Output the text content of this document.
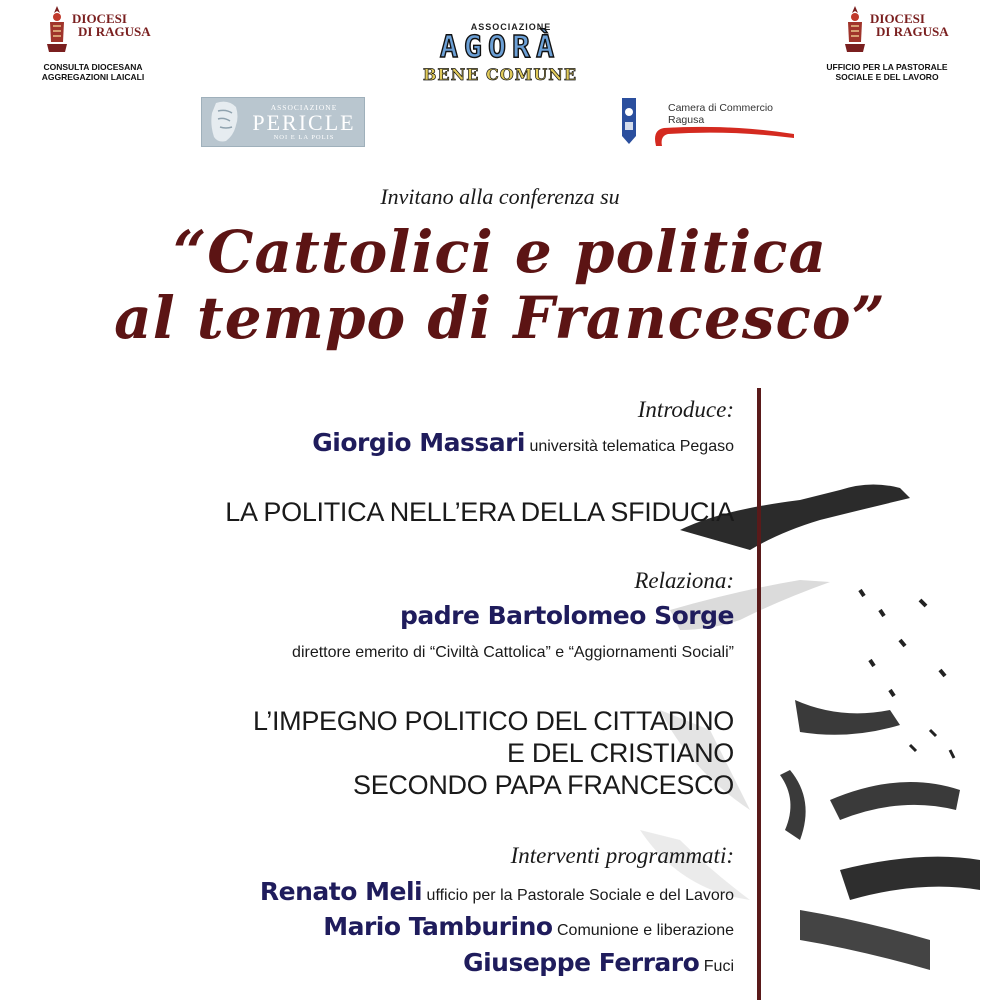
DIOCESI
DI RAGUSA
CONSULTA DIOCESANA
AGGREGAZIONI LAICALI
ASSOCIAZIONE
AGORÀ
BENE COMUNE
DIOCESI
DI RAGUSA
UFFICIO PER LA PASTORALE
SOCIALE E DEL LAVORO
ASSOCIAZIONE
PERICLE
NOI E LA POLIS
Camera di Commercio
Ragusa
Invitano alla conferenza su
“Cattolici e politica
al tempo di Francesco”
Introduce:
Giorgio Massari università telematica Pegaso
LA POLITICA NELL’ERA DELLA SFIDUCIA
Relaziona:
padre Bartolomeo Sorge
direttore emerito di “Civiltà Cattolica” e “Aggiornamenti Sociali”
L’IMPEGNO POLITICO DEL CITTADINO
E DEL CRISTIANO
SECONDO PAPA FRANCESCO
Interventi programmati:
Renato Meli ufficio per la Pastorale Sociale e del Lavoro
Mario Tamburino Comunione e liberazione
Giuseppe Ferraro Fuci
